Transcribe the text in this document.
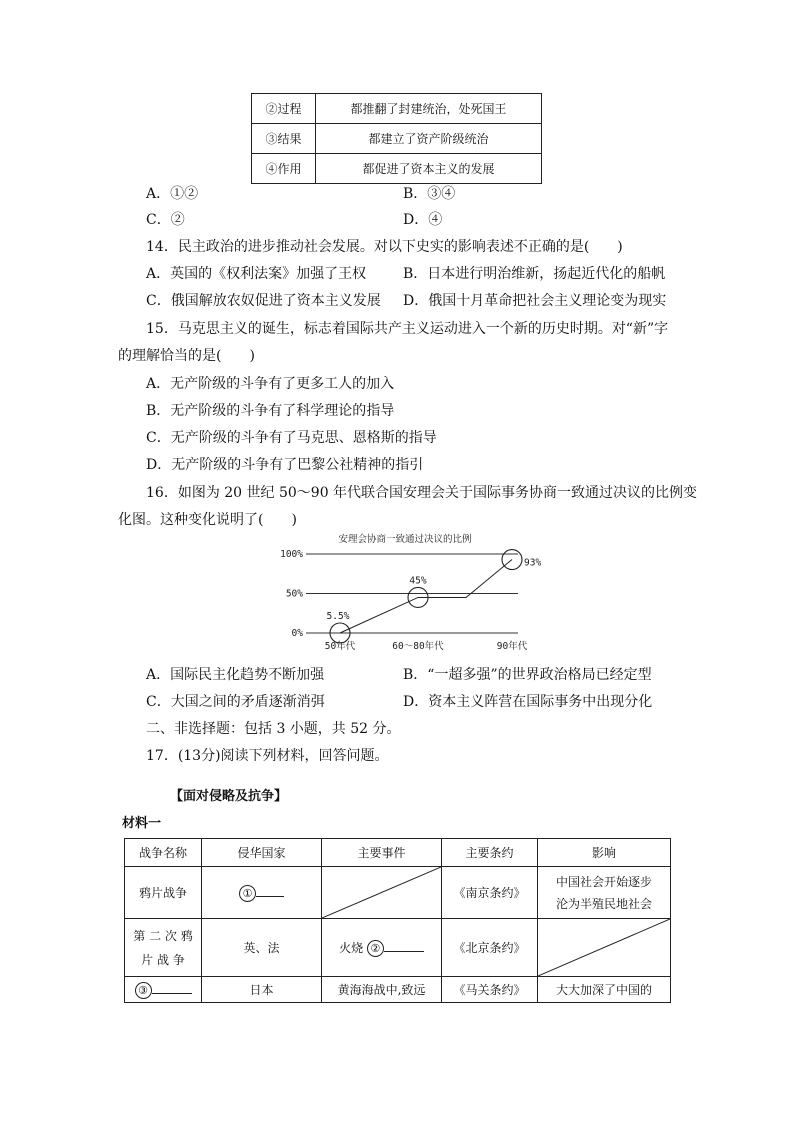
②过程	都推翻了封建统治，处死国王
③结果	都建立了资产阶级统治
④作用	都促进了资本主义的发展
A．①②	B．③④
C．②	D．④
14．民主政治的进步推动社会发展。对以下史实的影响表述不正确的是(　　)
A．英国的《权利法案》加强了王权	B．日本进行明治维新，扬起近代化的船帆
C．俄国解放农奴促进了资本主义发展 D．俄国十月革命把社会主义理论变为现实
15．马克思主义的诞生，标志着国际共产主义运动进入一个新的历史时期。对“新”字
的理解恰当的是(　　)
A．无产阶级的斗争有了更多工人的加入
B．无产阶级的斗争有了科学理论的指导
C．无产阶级的斗争有了马克思、恩格斯的指导
D．无产阶级的斗争有了巴黎公社精神的指引
16．如图为 20 世纪 50～90 年代联合国安理会关于国际事务协商一致通过决议的比例变
化图。这种变化说明了(　　)
安理会协商一致通过决议的比例
100%
50%
0%
5.5%
45%
93%
50年代	60～80年代	90年代
A．国际民主化趋势不断加强	B．“一超多强”的世界政治格局已经定型
C．大国之间的矛盾逐渐消弭	D．资本主义阵营在国际事务中出现分化
二、非选择题：包括 3 小题，共 52 分。
17．(13分)阅读下列材料，回答问题。
【面对侵略及抗争】
材料一
战争名称	侵华国家	主要事件	主要条约	影响
鸦片战争	①		《南京条约》	中国社会开始逐步
沦为半殖民地社会

第 二 次 鸦
片 战 争	英、法	火烧 ②	《北京条约》	

③	日本	黄海海战中,致远	《马关条约》	大大加深了中国的
